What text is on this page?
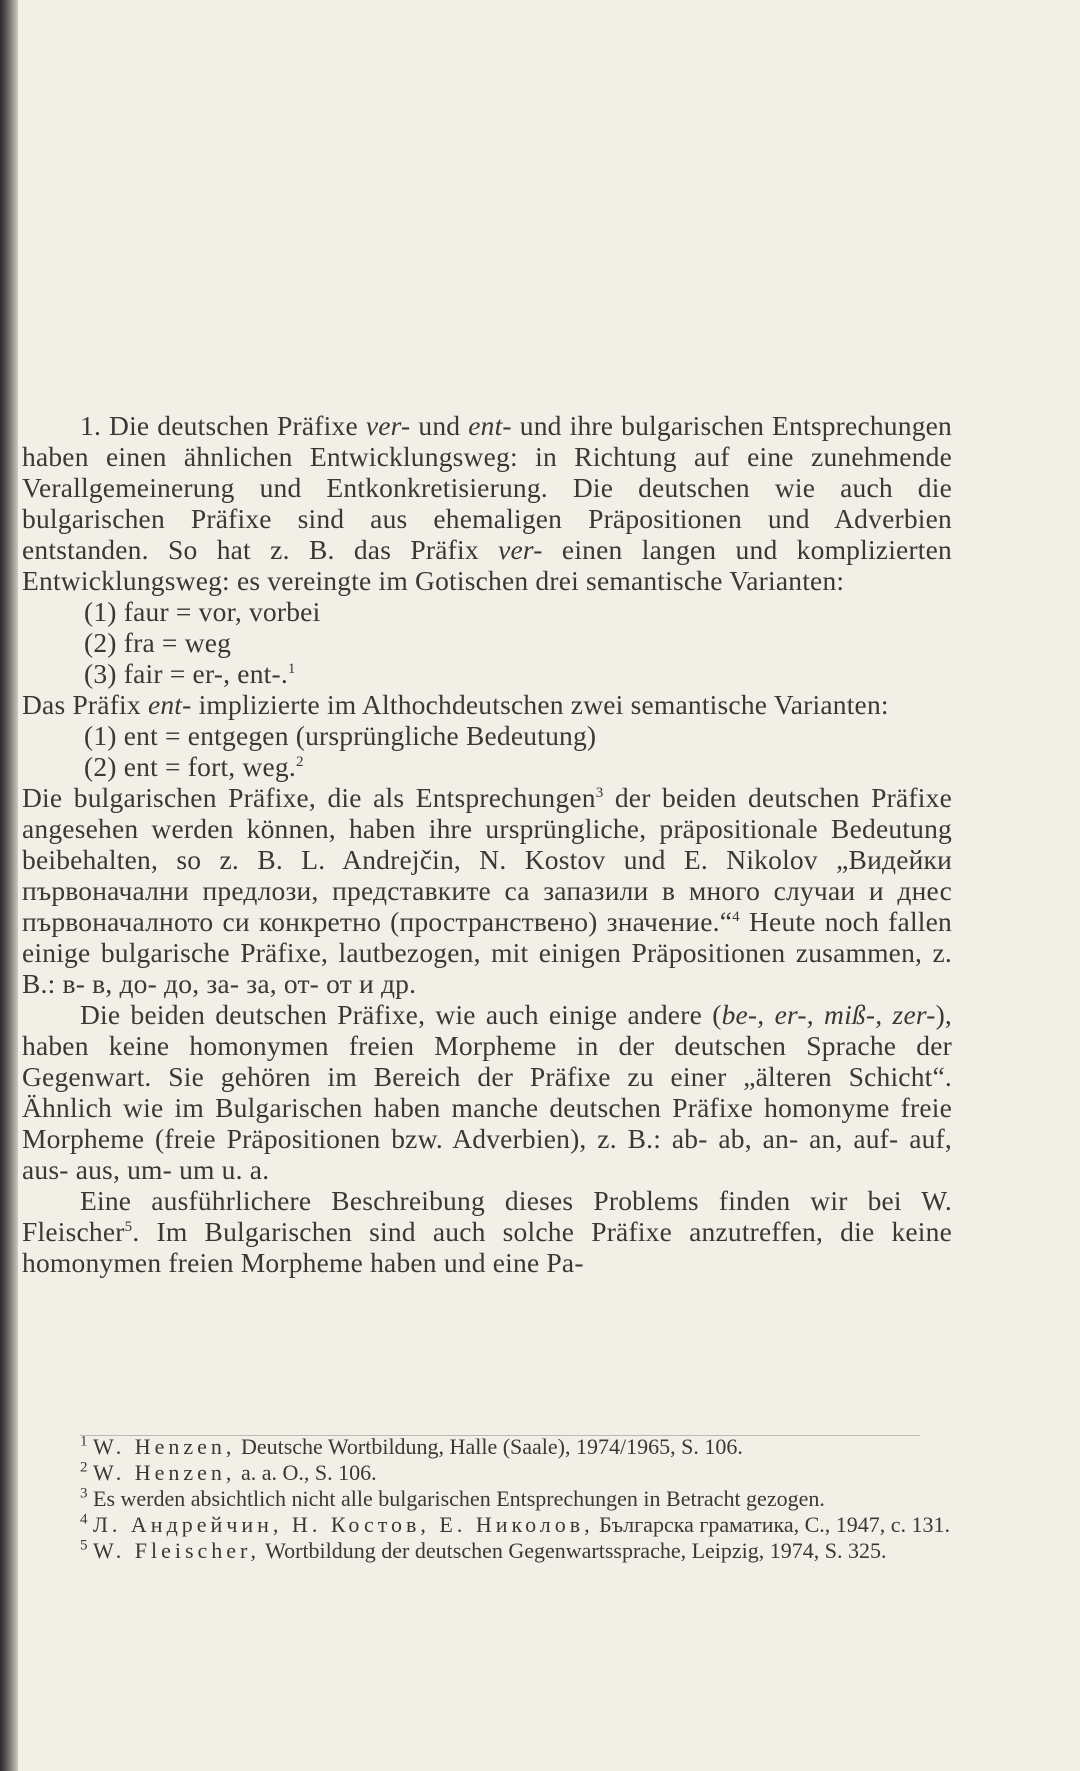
1. Die deutschen Präfixe ver- und ent- und ihre bulgarischen Entsprechungen haben einen ähnlichen Entwicklungsweg: in Richtung auf eine zunehmende Verallgemeinerung und Entkonkretisierung. Die deutschen wie auch die bulgarischen Präfixe sind aus ehemaligen Präpositionen und Adverbien entstanden. So hat z. B. das Präfix ver- einen langen und komplizierten Entwicklungsweg: es vereingte im Gotischen drei semantische Varianten:

(1) faur = vor, vorbei

(2) fra = weg

(3) fair = er-, ent-.$^1$

Das Präfix ent- implizierte im Althochdeutschen zwei semantische Varianten:

(1) ent = entgegen (ursprüngliche Bedeutung)

(2) ent = fort, weg.$^2$

Die bulgarischen Präfixe, die als Entsprechungen$^3$ der beiden deutschen Präfixe angesehen werden können, haben ihre ursprüngliche, präpositionale Bedeutung beibehalten, so z. B. L. Andrejčin, N. Kostov und E. Nikolov „Видейки първоначални предлози, представките са запазили в много случаи и днес първоначалното си конкретно (пространствено) значение.“$^4$ Heute noch fallen einige bulgarische Präfixe, lautbezogen, mit einigen Präpositionen zusammen, z. B.: в- в, до- до, за- за, от- от и др.

Die beiden deutschen Präfixe, wie auch einige andere (be-, er-, miß-, zer-), haben keine homonymen freien Morpheme in der deutschen Sprache der Gegenwart. Sie gehören im Bereich der Präfixe zu einer „älteren Schicht“. Ähnlich wie im Bulgarischen haben manche deutschen Präfixe homonyme freie Morpheme (freie Präpositionen bzw. Adverbien), z. B.: ab- ab, an- an, auf- auf, aus- aus, um- um u. a.

Eine ausführlichere Beschreibung dieses Problems finden wir bei W. Fleischer$^5$. Im Bulgarischen sind auch solche Präfixe anzutreffen, die keine homonymen freien Morpheme haben und eine Pa-

$^1$ W. Henzen, Deutsche Wortbildung, Halle (Saale), 1974/1965, S. 106.

$^2$ W. Henzen, a. a. O., S. 106.

$^3$ Es werden absichtlich nicht alle bulgarischen Entsprechungen in Betracht gezogen.

$^4$ Л. Андрейчин, Н. Костов, Е. Николов, Българска граматика, С., 1947, с. 131.

$^5$ W. Fleischer, Wortbildung der deutschen Gegenwartssprache, Leipzig, 1974, S. 325.
